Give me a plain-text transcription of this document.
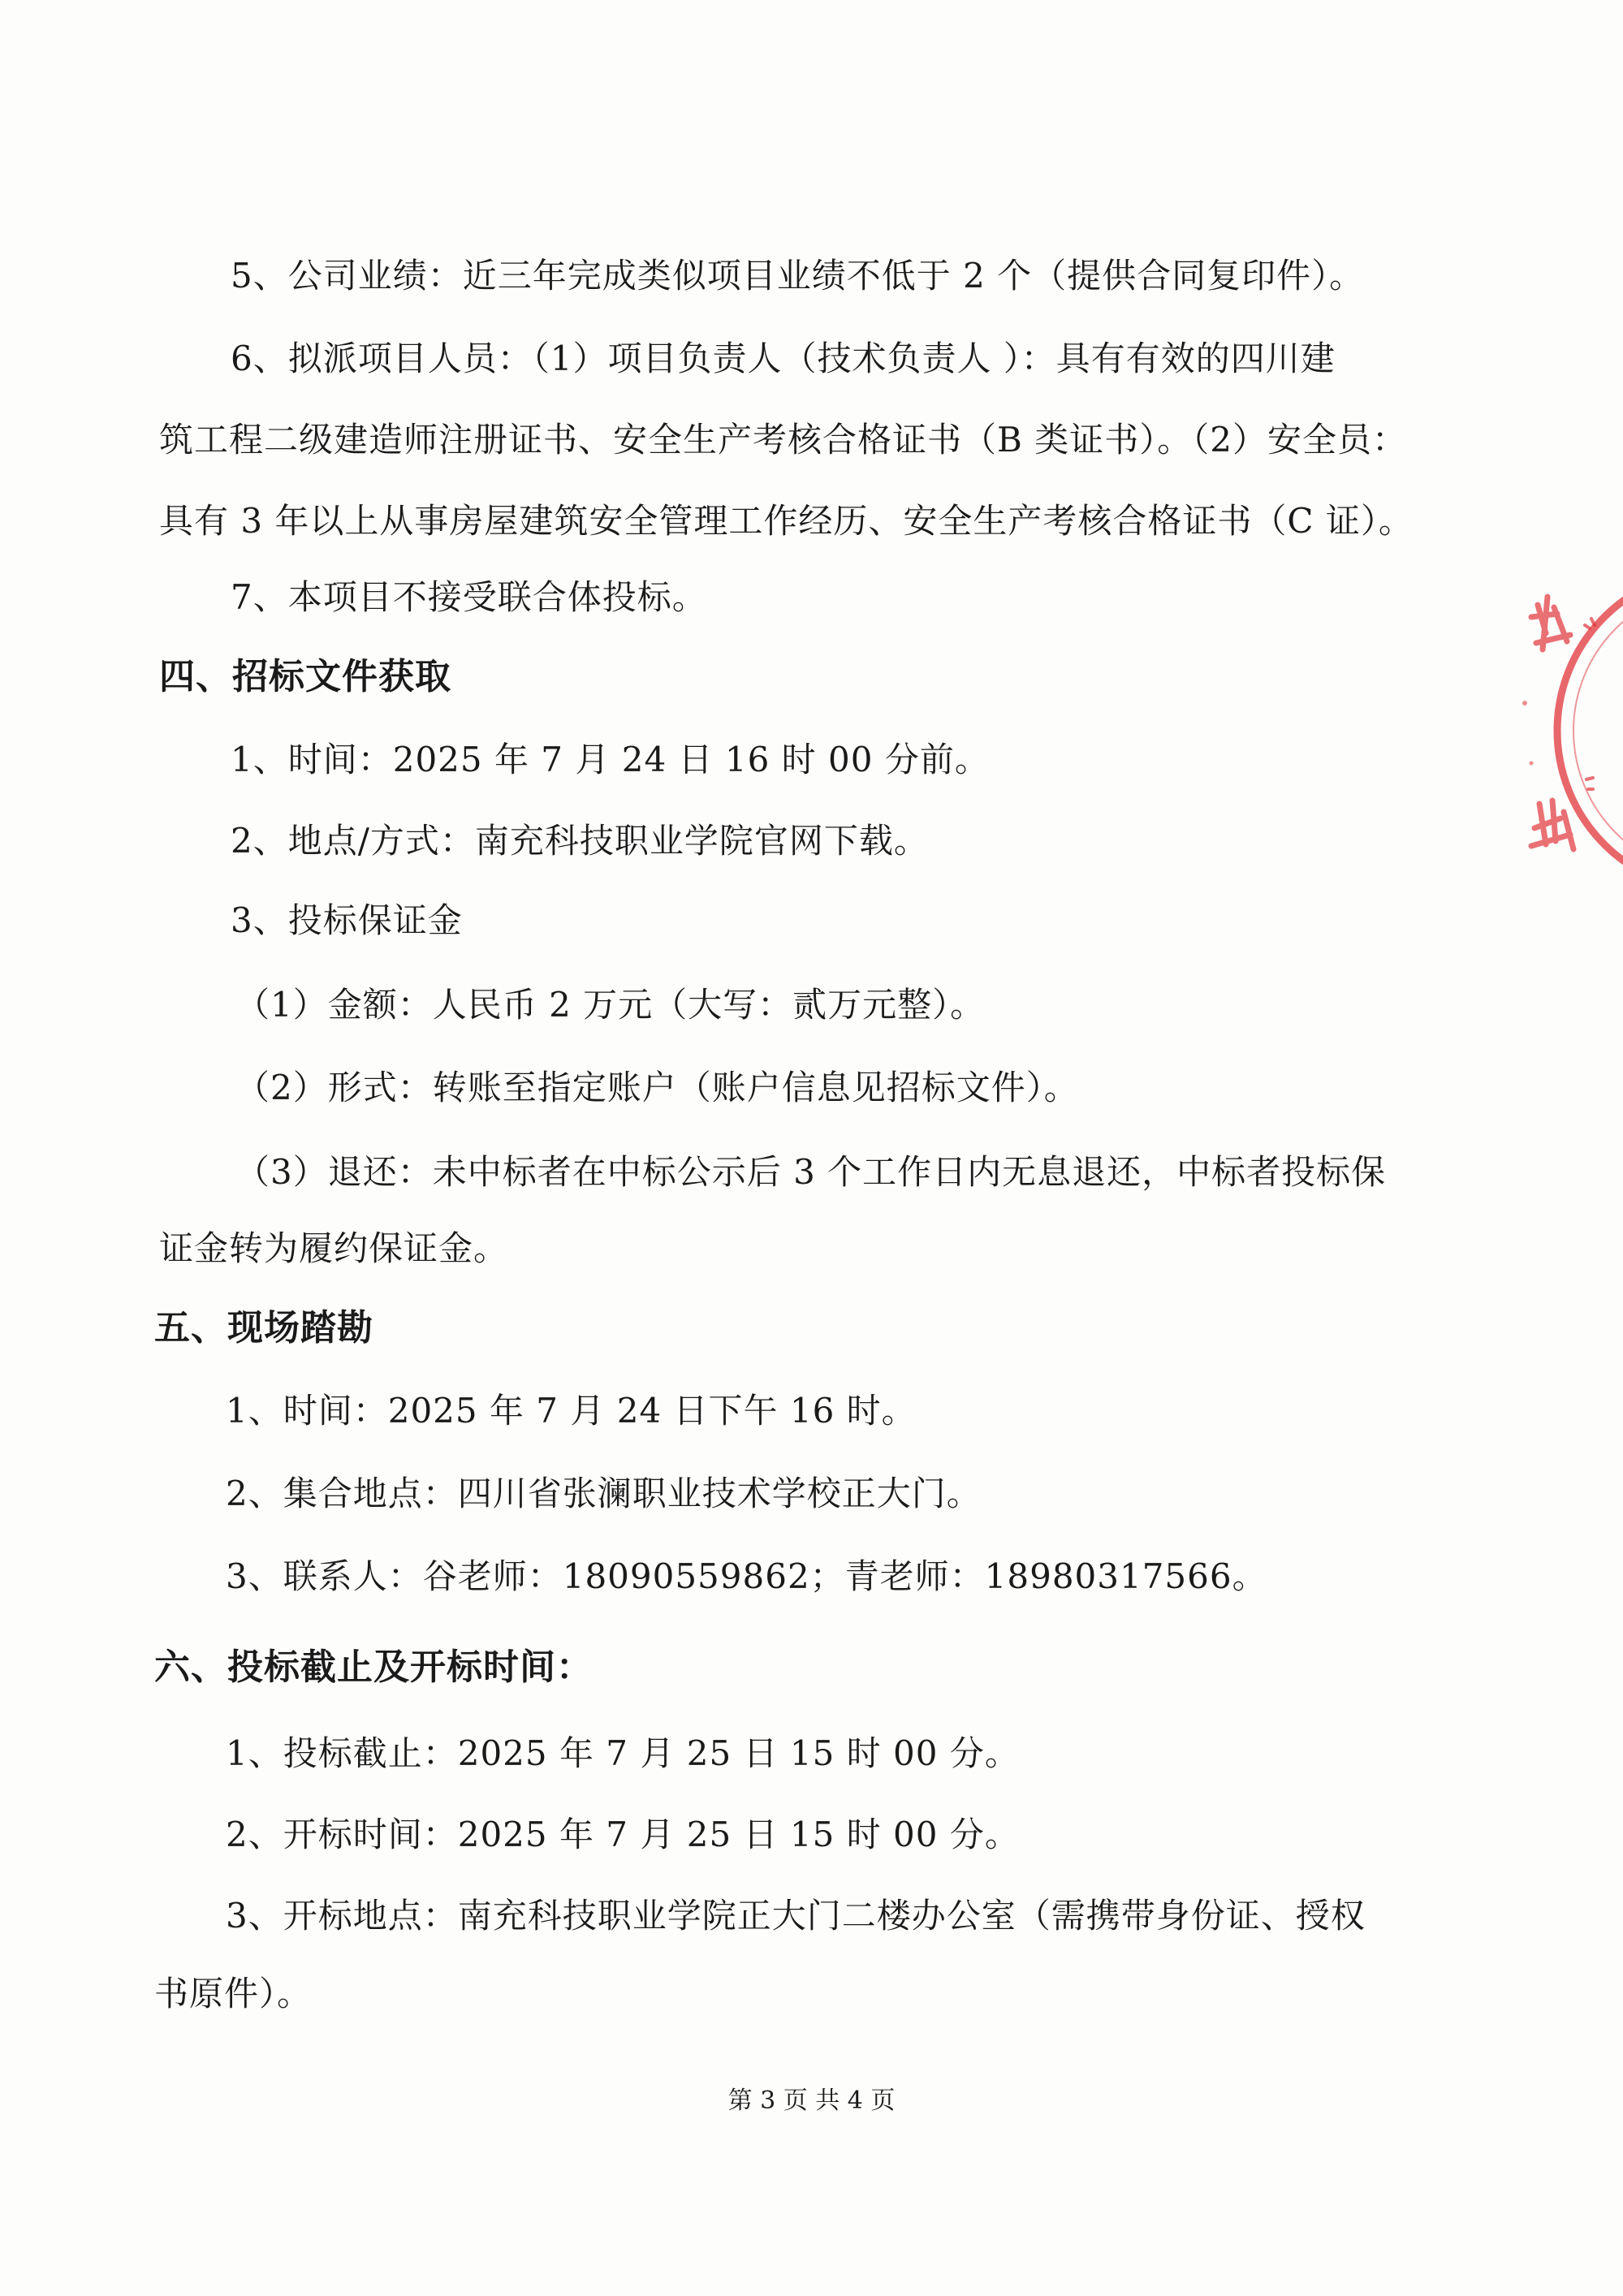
5、公司业绩：近三年完成类似项目业绩不低于 2 个（提供合同复印件）。
6、拟派项目人员：（1）项目负责人（技术负责人 ）：具有有效的四川建
筑工程二级建造师注册证书、安全生产考核合格证书（B 类证书）。（2）安全员：
具有 3 年以上从事房屋建筑安全管理工作经历、安全生产考核合格证书（C 证）。
7、本项目不接受联合体投标。
四、招标文件获取
1、时间：2025 年 7 月 24 日 16 时 00 分前。
2、地点/方式：南充科技职业学院官网下载。
3、投标保证金
（1）金额：人民币 2 万元（大写：贰万元整）。
（2）形式：转账至指定账户（账户信息见招标文件）。
（3）退还：未中标者在中标公示后 3 个工作日内无息退还，中标者投标保
证金转为履约保证金。
五、现场踏勘
1、时间：2025 年 7 月 24 日下午 16 时。
2、集合地点：四川省张澜职业技术学校正大门。
3、联系人：谷老师：18090559862；青老师：18980317566。
六、投标截止及开标时间：
1、投标截止：2025 年 7 月 25 日 15 时 00 分。
2、开标时间：2025 年 7 月 25 日 15 时 00 分。
3、开标地点：南充科技职业学院正大门二楼办公室（需携带身份证、授权
书原件）。
第 3 页 共 4 页
